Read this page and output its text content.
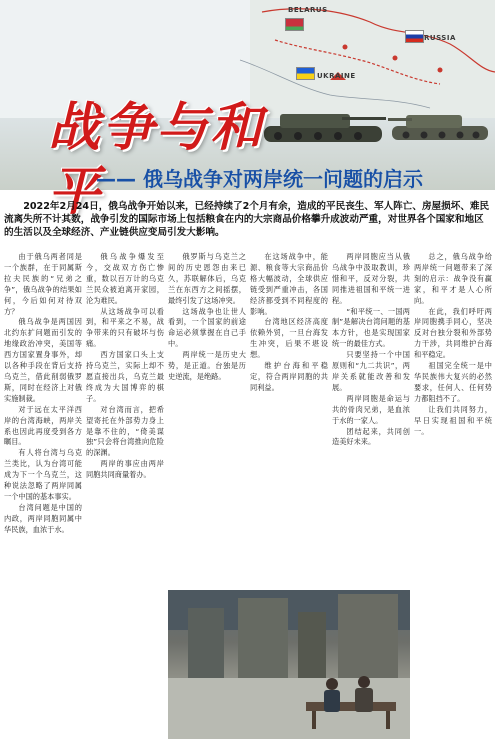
BELARUS
RUSSIA
UKRAINE
战争与和平
—— 俄乌战争对两岸统一问题的启示
2022年2月24日，俄乌战争开始以来，已经持续了2个月有余，造成的平民丧生、军人阵亡、房屋损坏、难民流离失所不计其数，战争引发的国际市场上包括粮食在内的大宗商品价格攀升成波动严重，对世界各个国家和地区的生活以及全球经济、产业链供应变局引发大影响。

由于俄乌两者同是一个族群，在于同属斯拉夫民族的“兄弟之争”，俄乌战争的结果如何，今后如何对待双方？

俄乌战争是两国因北约东扩问题而引发的地缘政治冲突，美国等西方国家置身事外，却以各种手段在背后支持乌克兰，借此削弱俄罗斯，同时在经济上对俄实施制裁。

对于远在太平洋西岸的台湾海峡，两岸关系也因此再度受到各方瞩目。

有人将台湾与乌克兰类比，认为台湾可能成为下一个乌克兰，这种说法忽略了两岸同属一个中国的基本事实。

台湾问题是中国的内政，两岸同胞同属中华民族，血浓于水。

俄乌战争爆发至今，交战双方伤亡惨重，数以百万计的乌克兰民众被迫离开家园，沦为难民。

从这场战争可以看到，和平来之不易，战争带来的只有破坏与伤痛。

西方国家口头上支持乌克兰，实际上却不愿直接出兵，乌克兰最终成为大国博弈的棋子。

对台湾而言，把希望寄托在外部势力身上是靠不住的，“倚美谋独”只会将台湾推向危险的深渊。

两岸的事应由两岸同胞共同商量着办。

俄罗斯与乌克兰之间的历史恩怨由来已久，苏联解体后，乌克兰在东西方之间摇摆，最终引发了这场冲突。

这场战争也让世人看到，一个国家的前途命运必须掌握在自己手中。

两岸统一是历史大势，是正道。台独是历史逆流，是绝路。

在这场战争中，能源、粮食等大宗商品价格大幅波动，全球供应链受到严重冲击，各国经济都受到不同程度的影响。

台湾地区经济高度依赖外贸，一旦台海发生冲突，后果不堪设想。

维护台海和平稳定，符合两岸同胞的共同利益。

两岸同胞应当从俄乌战争中汲取教训，珍惜和平，反对分裂，共同推进祖国和平统一进程。

“和平统一、一国两制”是解决台湾问题的基本方针，也是实现国家统一的最佳方式。

只要坚持一个中国原则和“九二共识”，两岸关系就能改善和发展。

两岸同胞是命运与共的骨肉兄弟，是血浓于水的一家人。

团结起来，共同创造美好未来。

总之，俄乌战争给两岸统一问题带来了深刻的启示：战争没有赢家，和平才是人心所向。

在此，我们呼吁两岸同胞携手同心，坚决反对台独分裂和外部势力干涉，共同维护台海和平稳定。

祖国完全统一是中华民族伟大复兴的必然要求，任何人、任何势力都阻挡不了。

让我们共同努力，早日实现祖国和平统一。
